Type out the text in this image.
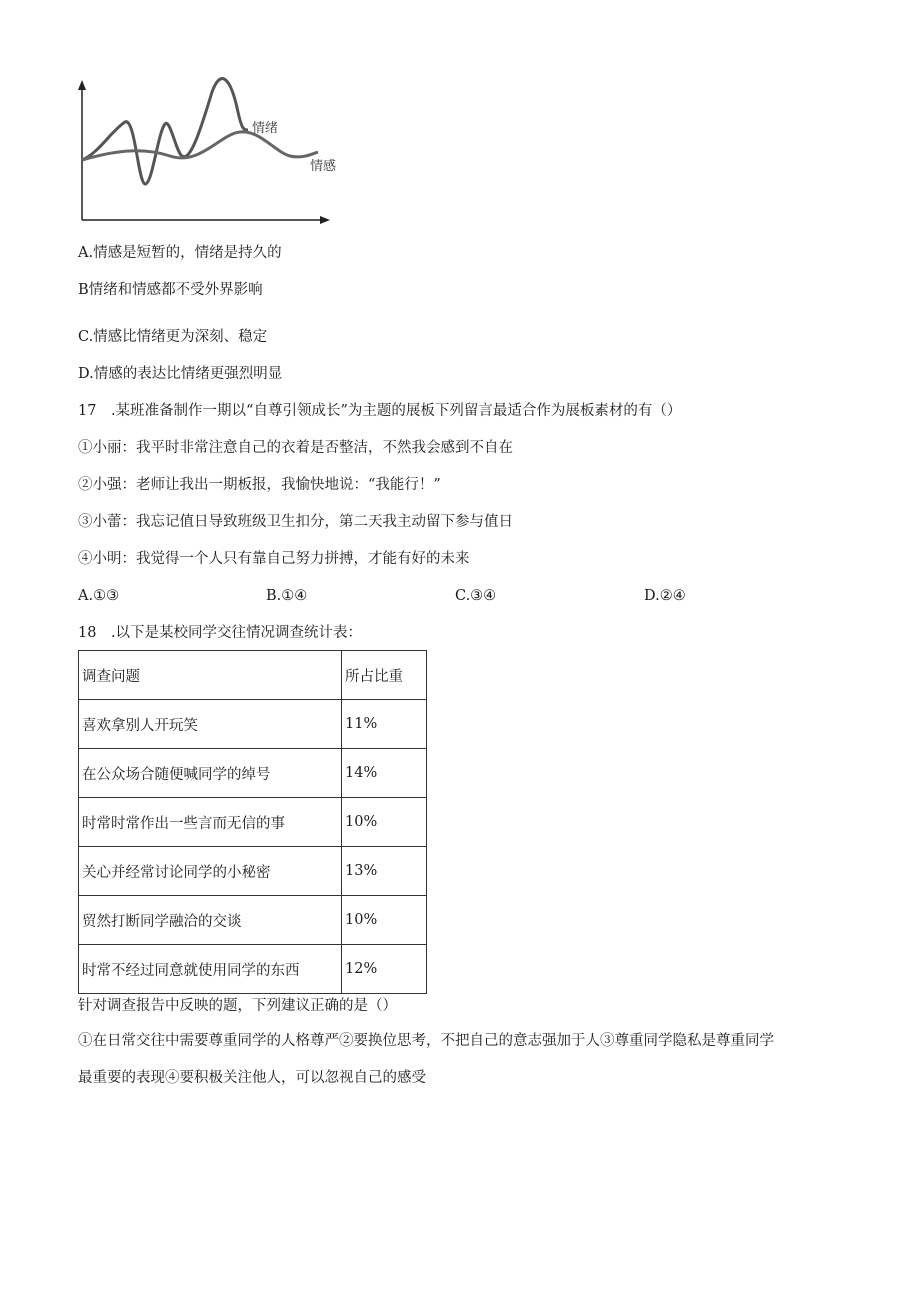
情绪
情感
A.情感是短暂的，情绪是持久的
B情绪和情感都不受外界影响
C.情感比情绪更为深刻、稳定
D.情感的表达比情绪更强烈明显
17　.某班准备制作一期以“自尊引领成长”为主题的展板下列留言最适合作为展板素材的有（）
①小丽：我平时非常注意自己的衣着是否整洁，不然我会感到不自在
②小强：老师让我出一期板报，我愉快地说：“我能行！”
③小蕾：我忘记值日导致班级卫生扣分，第二天我主动留下参与值日
④小明：我觉得一个人只有靠自己努力拼搏，才能有好的未来
A.①③	B.①④	C.③④	D.②④
18　.以下是某校同学交往情况调查统计表：
调查问题	所占比重
喜欢拿别人开玩笑	11%
在公众场合随便喊同学的绰号	14%
时常时常作出一些言而无信的事	10%
关心并经常讨论同学的小秘密	13%
贸然打断同学融洽的交谈	10%
时常不经过同意就使用同学的东西	12%
针对调查报告中反映的题，下列建议正确的是（）
①在日常交往中需要尊重同学的人格尊严②要换位思考，不把自己的意志强加于人③尊重同学隐私是尊重同学
最重要的表现④要积极关注他人，可以忽视自己的感受
